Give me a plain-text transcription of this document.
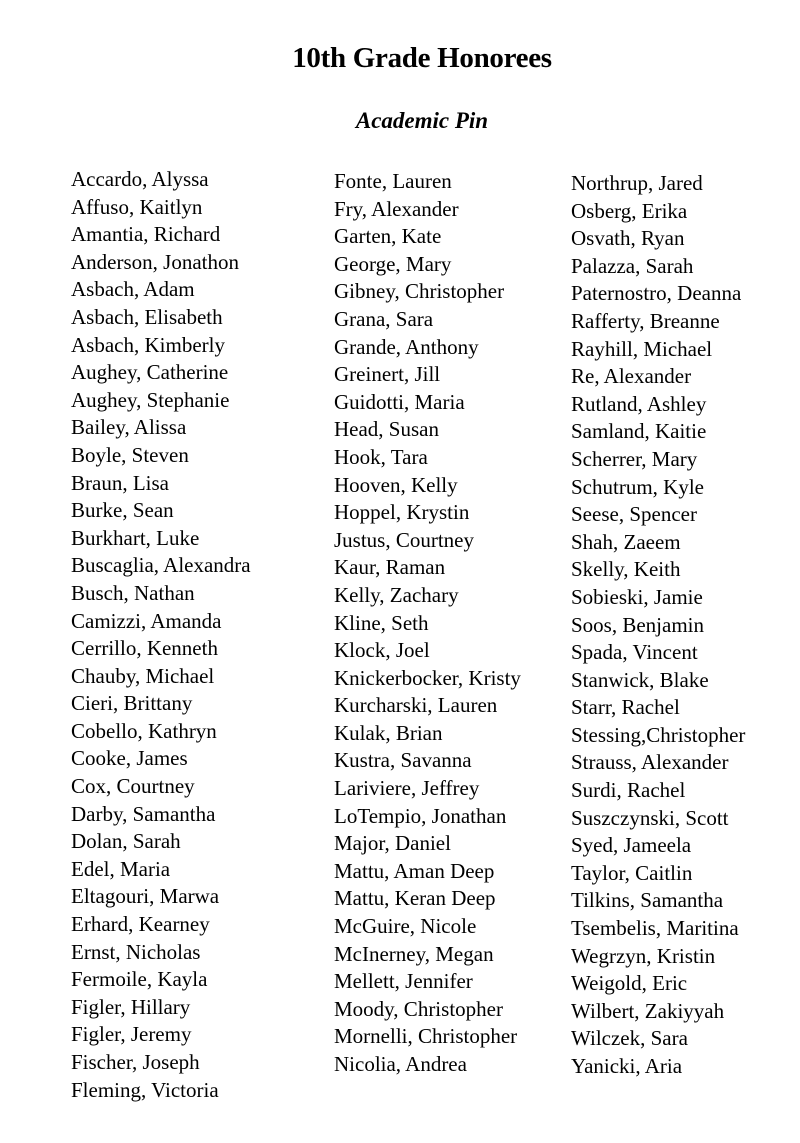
10th Grade Honorees
Academic Pin
Accardo, Alyssa
Affuso, Kaitlyn
Amantia, Richard
Anderson, Jonathon
Asbach, Adam
Asbach, Elisabeth
Asbach, Kimberly
Aughey, Catherine
Aughey, Stephanie
Bailey, Alissa
Boyle, Steven
Braun, Lisa
Burke, Sean
Burkhart, Luke
Buscaglia, Alexandra
Busch, Nathan
Camizzi, Amanda
Cerrillo, Kenneth
Chauby, Michael
Cieri, Brittany
Cobello, Kathryn
Cooke, James
Cox, Courtney
Darby, Samantha
Dolan, Sarah
Edel, Maria
Eltagouri, Marwa
Erhard, Kearney
Ernst, Nicholas
Fermoile, Kayla
Figler, Hillary
Figler, Jeremy
Fischer, Joseph
Fleming, Victoria
Fonte, Lauren
Fry, Alexander
Garten, Kate
George, Mary
Gibney, Christopher
Grana, Sara
Grande, Anthony
Greinert, Jill
Guidotti, Maria
Head, Susan
Hook, Tara
Hooven, Kelly
Hoppel, Krystin
Justus, Courtney
Kaur, Raman
Kelly, Zachary
Kline, Seth
Klock, Joel
Knickerbocker, Kristy
Kurcharski, Lauren
Kulak, Brian
Kustra, Savanna
Lariviere, Jeffrey
LoTempio, Jonathan
Major, Daniel
Mattu, Aman Deep
Mattu, Keran Deep
McGuire, Nicole
McInerney, Megan
Mellett, Jennifer
Moody, Christopher
Mornelli, Christopher
Nicolia, Andrea
Northrup, Jared
Osberg, Erika
Osvath, Ryan
Palazza, Sarah
Paternostro, Deanna
Rafferty, Breanne
Rayhill, Michael
Re, Alexander
Rutland, Ashley
Samland, Kaitie
Scherrer, Mary
Schutrum, Kyle
Seese, Spencer
Shah, Zaeem
Skelly, Keith
Sobieski, Jamie
Soos, Benjamin
Spada, Vincent
Stanwick, Blake
Starr, Rachel
Stessing,Christopher
Strauss, Alexander
Surdi, Rachel
Suszczynski, Scott
Syed, Jameela
Taylor, Caitlin
Tilkins, Samantha
Tsembelis, Maritina
Wegrzyn, Kristin
Weigold, Eric
Wilbert, Zakiyyah
Wilczek, Sara
Yanicki, Aria
